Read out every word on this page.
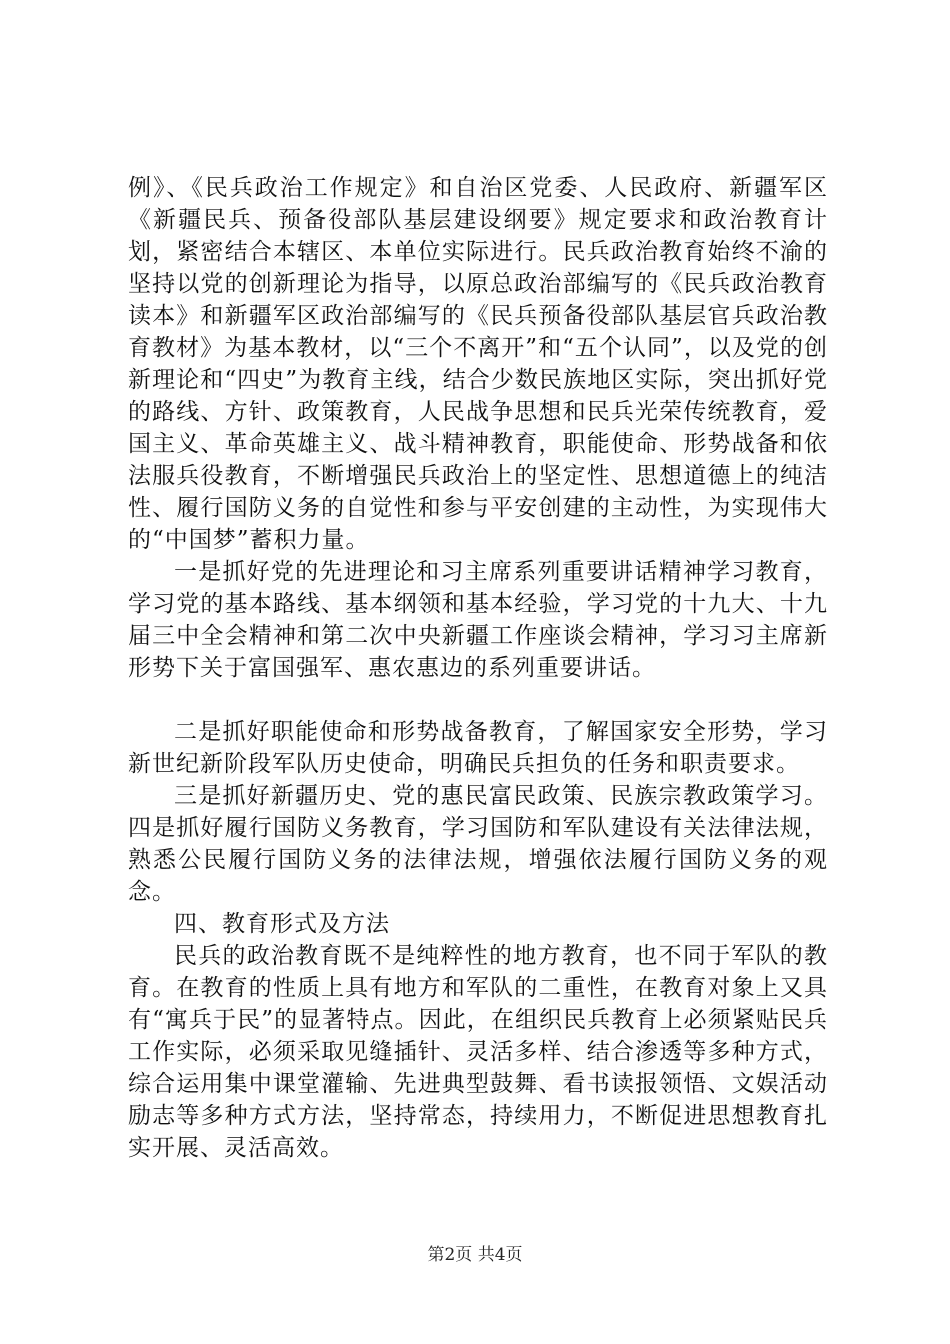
例》、《民兵政治工作规定》和自治区党委、人民政府、新疆军区《新疆民兵、预备役部队基层建设纲要》规定要求和政治教育计划，紧密结合本辖区、本单位实际进行。民兵政治教育始终不渝的坚持以党的创新理论为指导，以原总政治部编写的《民兵政治教育读本》和新疆军区政治部编写的《民兵预备役部队基层官兵政治教育教材》为基本教材，以“三个不离开”和“五个认同”，以及党的创新理论和“四史”为教育主线，结合少数民族地区实际，突出抓好党的路线、方针、政策教育，人民战争思想和民兵光荣传统教育，爱国主义、革命英雄主义、战斗精神教育，职能使命、形势战备和依法服兵役教育，不断增强民兵政治上的坚定性、思想道德上的纯洁性、履行国防义务的自觉性和参与平安创建的主动性，为实现伟大的“中国梦”蓄积力量。

一是抓好党的先进理论和习主席系列重要讲话精神学习教育，学习党的基本路线、基本纲领和基本经验，学习党的十九大、十九届三中全会精神和第二次中央新疆工作座谈会精神，学习习主席新形势下关于富国强军、惠农惠边的系列重要讲话。

二是抓好职能使命和形势战备教育，了解国家安全形势，学习新世纪新阶段军队历史使命，明确民兵担负的任务和职责要求。

三是抓好新疆历史、党的惠民富民政策、民族宗教政策学习。四是抓好履行国防义务教育，学习国防和军队建设有关法律法规，熟悉公民履行国防义务的法律法规，增强依法履行国防义务的观念。

四、教育形式及方法

民兵的政治教育既不是纯粹性的地方教育，也不同于军队的教育。在教育的性质上具有地方和军队的二重性，在教育对象上又具有“寓兵于民”的显著特点。因此，在组织民兵教育上必须紧贴民兵工作实际，必须采取见缝插针、灵活多样、结合渗透等多种方式，综合运用集中课堂灌输、先进典型鼓舞、看书读报领悟、文娱活动励志等多种方式方法，坚持常态，持续用力，不断促进思想教育扎实开展、灵活高效。

第2页 共4页
